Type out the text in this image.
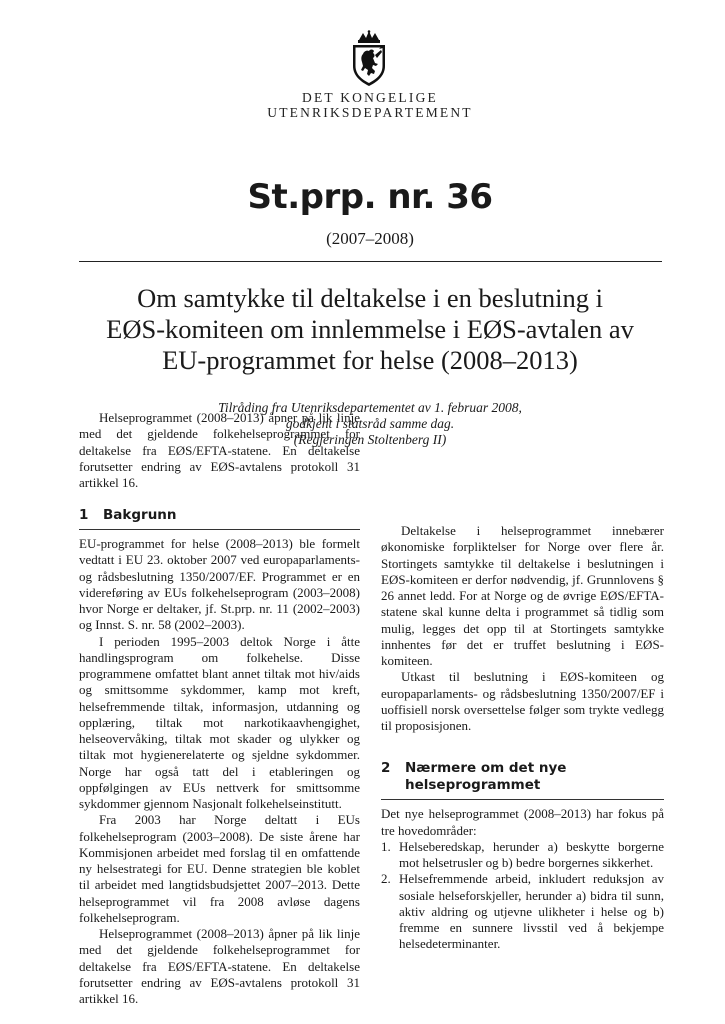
DET KONGELIGE
UTENRIKSDEPARTEMENT
St.prp. nr. 36
(2007–2008)
Om samtykke til deltakelse i en beslutning i
EØS-komiteen om innlemmelse i EØS-avtalen av
EU-programmet for helse (2008–2013)
Tilråding fra Utenriksdepartementet av 1. februar 2008,
godkjent i statsråd samme dag.
(Regjeringen Stoltenberg II)
1	Bakgrunn

EU-programmet for helse (2008–2013) ble formelt vedtatt i EU 23. oktober 2007 ved europaparlaments- og rådsbeslutning 1350/2007/EF. Programmet er en videreføring av EUs folkehelseprogram (2003–2008) hvor Norge er deltaker, jf. St.prp. nr. 11 (2002–2003) og Innst. S. nr. 58 (2002–2003).

I perioden 1995–2003 deltok Norge i åtte handlingsprogram om folkehelse. Disse programmene omfattet blant annet tiltak mot hiv/aids og smittsomme sykdommer, kamp mot kreft, helsefremmende tiltak, informasjon, utdanning og opplæring, tiltak mot narkotikaavhengighet, helseovervåking, tiltak mot skader og ulykker og tiltak mot hygienerelaterte og sjeldne sykdommer. Norge har også tatt del i etableringen og oppfølgingen av EUs nettverk for smittsomme sykdommer gjennom Nasjonalt folkehelseinstitutt.

Fra 2003 har Norge deltatt i EUs folkehelseprogram (2003–2008). De siste årene har Kommisjonen arbeidet med forslag til en omfattende ny helsestrategi for EU. Denne strategien ble koblet til arbeidet med langtidsbudsjettet 2007–2013. Dette helseprogrammet vil fra 2008 avløse dagens folkehelseprogram.

Helseprogrammet (2008–2013) åpner på lik linje med det gjeldende folkehelseprogrammet for deltakelse fra EØS/EFTA-statene. En deltakelse forutsetter endring av EØS-avtalens protokoll 31 artikkel 16.

Helseprogrammet (2008–2013) åpner på lik linje med det gjeldende folkehelseprogrammet for deltakelse fra EØS/EFTA-statene. En deltakelse forutsetter endring av EØS-avtalens protokoll 31 artikkel 16.

Deltakelse i helseprogrammet innebærer økonomiske forpliktelser for Norge over flere år. Stortingets samtykke til deltakelse i beslutningen i EØS-komiteen er derfor nødvendig, jf. Grunnlovens § 26 annet ledd. For at Norge og de øvrige EØS/EFTA-statene skal kunne delta i programmet så tidlig som mulig, legges det opp til at Stortingets samtykke innhentes før det er truffet beslutning i EØS-komiteen.

Utkast til beslutning i EØS-komiteen og europaparlaments- og rådsbeslutning 1350/2007/EF i uoffisiell norsk oversettelse følger som trykte vedlegg til proposisjonen.

2	Nærmere om det nye
helseprogrammet

Det nye helseprogrammet (2008–2013) har fokus på tre hovedområder:

1. Helseberedskap, herunder a) beskytte borgerne mot helsetrusler og b) bedre borgernes sikkerhet.
2. Helsefremmende arbeid, inkludert reduksjon av sosiale helseforskjeller, herunder a) bidra til sunn, aktiv aldring og utjevne ulikheter i helse og b) fremme en sunnere livsstil ved å bekjempe helsedeterminanter.
